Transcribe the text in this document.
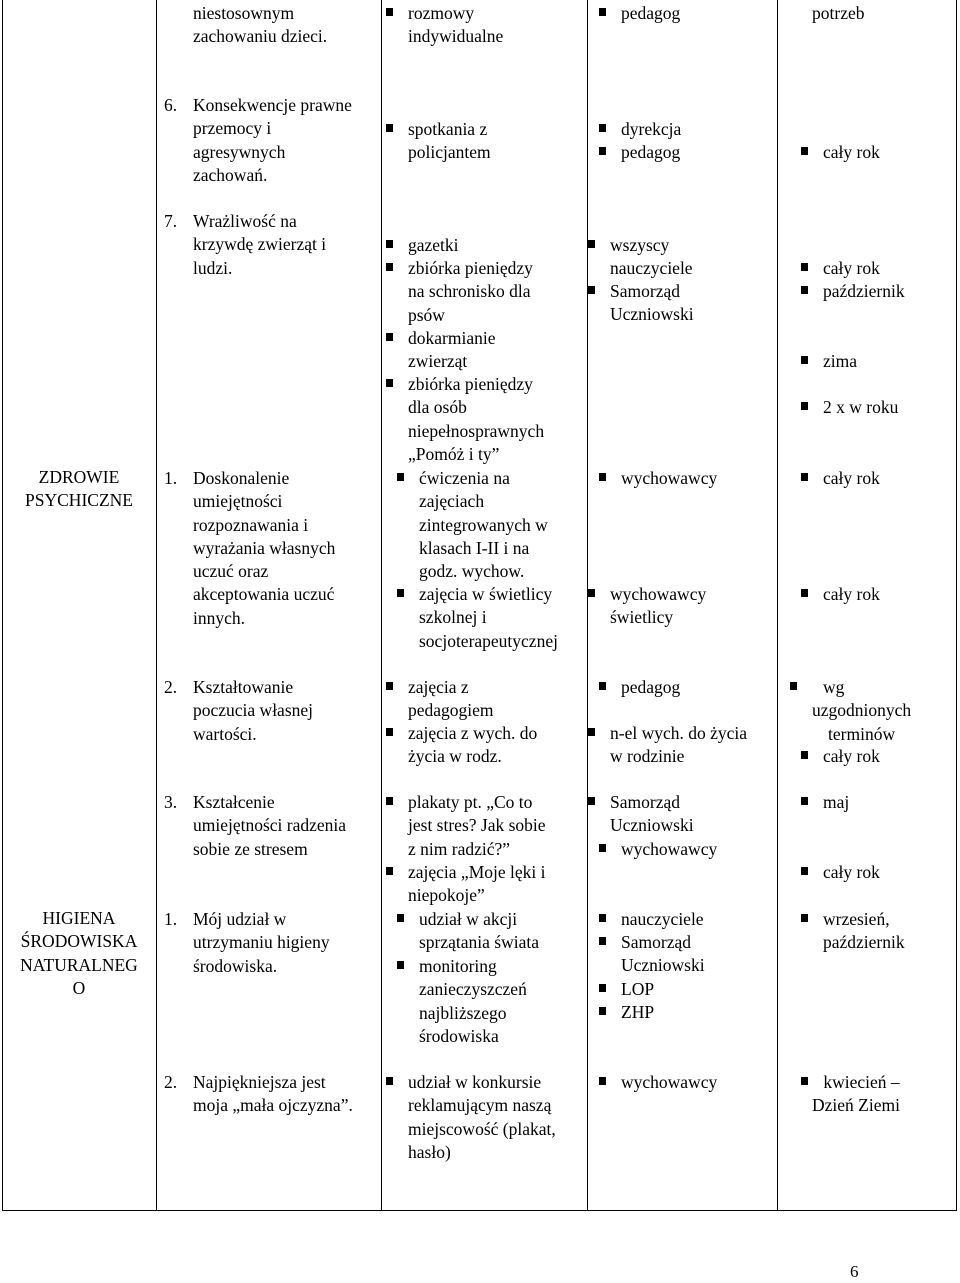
ZDROWIE
PSYCHICZNE
HIGIENA
ŚRODOWISKA
NATURALNEG
O
niestosownym
zachowaniu dzieci.
6. Konsekwencje prawne
przemocy i
agresywnych
zachowań.
7. Wrażliwość na
krzywdę zwierząt i
ludzi.
1. Doskonalenie
umiejętności
rozpoznawania i
wyrażania własnych
uczuć oraz
akceptowania uczuć
innych.
2. Kształtowanie
poczucia własnej
wartości.
3. Kształcenie
umiejętności radzenia
sobie ze stresem
1. Mój udział w
utrzymaniu higieny
środowiska.
2. Najpiękniejsza jest
moja „mała ojczyzna”.
rozmowy
indywidualne
spotkania z
policjantem
gazetki
zbiórka pieniędzy
na schronisko dla
psów
dokarmianie
zwierząt
zbiórka pieniędzy
dla osób
niepełnosprawnych
„Pomóż i ty”
ćwiczenia na
zajęciach
zintegrowanych w
klasach I-II i na
godz. wychow.
zajęcia w świetlicy
szkolnej i
socjoterapeutycznej
zajęcia z
pedagogiem
zajęcia z wych. do
życia w rodz.
plakaty pt. „Co to
jest stres? Jak sobie
z nim radzić?”
zajęcia „Moje lęki i
niepokoje”
udział w akcji
sprzątania świata
monitoring
zanieczyszczeń
najbliższego
środowiska
udział w konkursie
reklamującym naszą
miejscowość (plakat,
hasło)
pedagog
dyrekcja
pedagog
wszyscy
nauczyciele
Samorząd
Uczniowski
wychowawcy
wychowawcy
świetlicy
pedagog
n-el wych. do życia
w rodzinie
Samorząd
Uczniowski
wychowawcy
nauczyciele
Samorząd
Uczniowski
LOP
ZHP
wychowawcy
potrzeb
cały rok
cały rok
październik
zima
2 x w roku
cały rok
cały rok
wg
uzgodnionych
terminów
cały rok
maj
cały rok
wrzesień,
październik
kwiecień –
Dzień Ziemi
6
